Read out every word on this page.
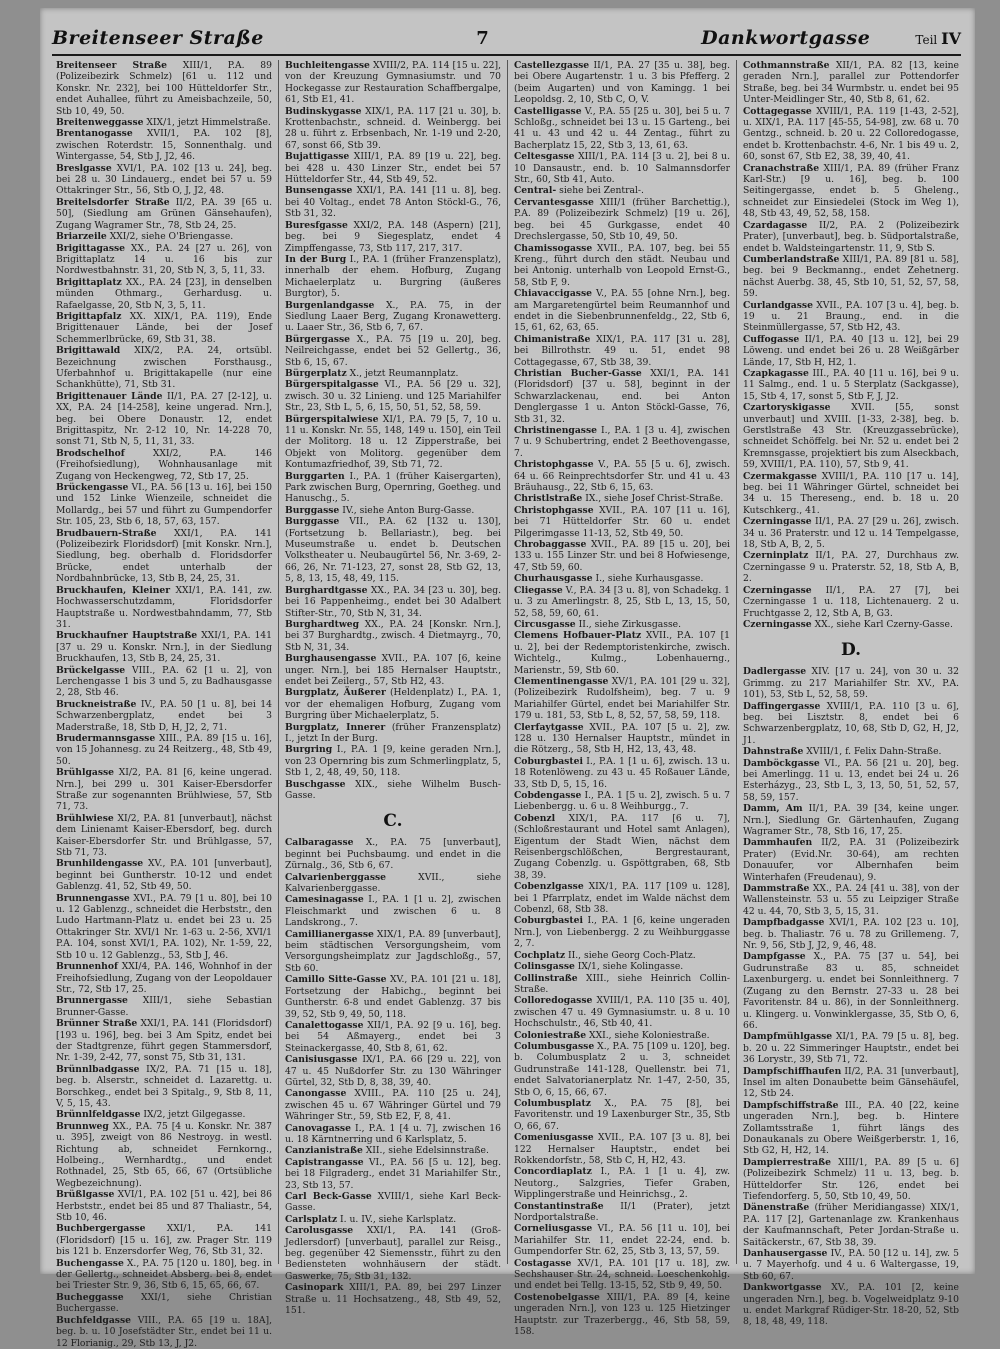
Breitenseer Straße	7	Dankwortgasse	Teil IV

Breitenseer Straße XIII/1, P.A. 89 (Polizeibezirk Schmelz) [61 u. 112 und Konskr. Nr. 232], bei 100 Hütteldorfer Str., endet Auhallee, führt zu Ameisbachzeile, 50, Stb 10, 49, 50.

Breitenweggasse XIX/1, jetzt Himmelstraße.

Brentanogasse XVII/1, P.A. 102 [8], zwischen Roterdstr. 15, Sonnenthalg. und Wintergasse, 54, Stb J, J2, 46.

Breslgasse XVI/1, P.A. 102 [13 u. 24], beg. bei 28 u. 30 Lindauerg., endet bei 57 u. 59 Ottakringer Str., 56, Stb O, J, J2, 48.

Breitelsdorfer Straße II/2, P.A. 39 [65 u. 50], (Siedlung am Grünen Gänsehaufen), Zugang Wagramer Str., 78, Stb 24, 25.

Briarzeile XXI/2, siehe O'Briengasse.

Brigittagasse XX., P.A. 24 [27 u. 26], von Brigittaplatz 14 u. 16 bis zur Nordwestbahnstr. 31, 20, Stb N, 3, 5, 11, 33.

Brigittaplatz XX., P.A. 24 [23], in denselben münden Othmarg., Gerhardusg. u. Rafaelgasse, 20, Stb N, 3, 5, 11.

Brigittapfalz XX. XIX/1, P.A. 119), Ende Brigittenauer Lände, bei der Josef Schemmerlbrücke, 69, Stb 31, 38.

Brigittawald XIX/2, P.A. 24, ortsübl. Bezeichnung zwischen Forsthausg., Uferbahnhof u. Brigittakapelle (nur eine Schankhütte), 71, Stb 31.

Brigittenauer Lände II/1, P.A. 27 [2-12], u. XX, P.A. 24 [14-258], keine ungerad. Nrn.], beg. bei Obere Donaustr. 12, endet Brigittaspitz, Nr. 2-12 10, Nr. 14-228 70, sonst 71, Stb N, 5, 11, 31, 33.

Brodschelhof	XXI/2, P.A. 146 (Freihofsiedlung), Wohnhausanlage mit Zugang von Heckengweg, 72, Stb 17, 25.

Brückengasse VI., P.A. 56 [13 u. 16], bei 150 und 152 Linke Wienzeile, schneidet die Mollardg., bei 57 und führt zu Gumpendorfer Str. 105, 23, Stb 6, 18, 57, 63, 157.

Brudbauern-Straße XXI/1, P.A. 141 (Polizeibezirk Floridsdorf) [mit Konskr. Nrn.], Siedlung, beg. oberhalb d. Floridsdorfer Brücke, endet unterhalb der Nordbahnbrücke, 13, Stb B, 24, 25, 31.

Bruckhaufen, Kleiner XXI/1, P.A. 141, zw. Hochwasserschutzdamm, Floridsdorfer Hauptstraße u. Nordwestbahndamm, 77, Stb 31.

Bruckhaufner Hauptstraße XXI/1, P.A. 141 [37 u. 29 u. Konskr. Nrn.], in der Siedlung Bruckhaufen, 13, Stb B, 24, 25, 31.

Brückelgasse VIII., P.A. 62 [1 u. 2], von Lerchengasse 1 bis 3 und 5, zu Badhausgasse 2, 28, Stb 46.

Bruckneistraße IV., P.A. 50 [1 u. 8], bei 14 Schwarzenbergplatz, endet bei 3 Maderstraße, 18, Stb D, H, J2, 2, 71.

Brudermannsgasse XIII., P.A. 89 [15 u. 16], von 15 Johannesg. zu 24 Reitzerg., 48, Stb 49, 50.

Brühlgasse XI/2, P.A. 81 [6, keine ungerad. Nrn.], bei 299 u. 301 Kaiser-Ebersdorfer Straße zur sogenannten Brühlwiese, 57, Stb 71, 73.

Brühlwiese XI/2, P.A. 81 [unverbaut], nächst dem Linienamt Kaiser-Ebersdorf, beg. durch Kaiser-Ebersdorfer Str. und Brühlgasse, 57, Stb 71, 73.

Brunhildengasse XV., P.A. 101 [unverbaut], beginnt bei Guntherstr. 10-12 und endet Gablenzg. 41, 52, Stb 49, 50.

Brunnengasse XVI., P.A. 79 [1 u. 80], bei 10 u. 12 Gablenzg., schneidet die Herbststr., den Ludo Hartmann-Platz u. endet bei 23 u. 25 Ottakringer Str. XVI/1 Nr. 1-63 u. 2-56, XVI/1 P.A. 104, sonst XVI/1, P.A. 102), Nr. 1-59, 22, Stb 10 u. 12 Gablenzg., 53, Stb J, 46.

Brunnenhof XXI/4, P.A. 146, Wohnhof in der Freihofsiedlung, Zugang von der Leopoldauer Str., 72, Stb 17, 25.

Brunnergasse XIII/1, siehe Sebastian Brunner-Gasse.

Brünner Straße XXI/1, P.A. 141 (Floridsdorf) [193 u. 196], beg. bei 3 Am Spitz, endet bei der Stadtgrenze, führt gegen Stammersdorf, Nr. 1-39, 2-42, 77, sonst 75, Stb 31, 131.

Brünnlbadgasse IX/2, P.A. 71 [15 u. 18], beg. b. Alserstr., schneidet d. Lazarettg. u. Borschkeg., endet bei 3 Spitalg., 9, Stb 8, 11, V, 5, 15, 43.

Brünnlfeldgasse IX/2, jetzt Gilgegasse.

Brunnweg XX., P.A. 75 [4 u. Konskr. Nr. 387 u. 395], zweigt von 86 Nestroyg. in westl. Richtung ab, schneidet Fernkorng., Holbeing., Wernhardtg., und endet Rothnadel, 25, Stb 65, 66, 67 (Ortsübliche Wegbezeichnung).

Brüßlgasse XVI/1, P.A. 102 [51 u. 42], bei 86 Herbststr., endet bei 85 und 87 Thaliastr., 54, Stb 10, 46.

Buchbergergasse XXI/1, P.A. 141 (Floridsdorf) [15 u. 16], zw. Prager Str. 119 bis 121 b. Enzersdorfer Weg, 76, Stb 31, 32.

Buchengasse X., P.A. 75 [120 u. 180], beg. in der Gellertg., schneidet Absberg. bei 8, endet bei Triester Str. 9, 36, Stb 6, 15, 65, 66, 67.

Bucheggasse XXI/1, siehe Christian Buchergasse.

Buchfeldgasse VIII., P.A. 65 [19 u. 18A], beg. b. u. 10 Josefstädter Str., endet bei 11 u. 12 Florianig., 29, Stb 13, J, J2.

Buchleitengasse XVIII/2, P.A. 114 [15 u. 22], von der Kreuzung Gymnasiumstr. und 70 Hockegasse zur Restauration Schaffbergalpe, 61, Stb E1, 41.

Budinskygasse XIX/1, P.A. 117 [21 u. 30], b. Krottenbachstr., schneid. d. Weinbergg. bei 28 u. führt z. Erbsenbach, Nr. 1-19 und 2-20, 67, sonst 66, Stb 39.

Bujattigasse XIII/1, P.A. 89 [19 u. 22], beg. bei 428 u. 430 Linzer Str., endet bei 57 Hütteldorfer Str., 44, Stb 49, 52.

Bunsengasse XXI/1, P.A. 141 [11 u. 8], beg. bei 40 Voltag., endet 78 Anton Stöckl-G., 76, Stb 31, 32.

Buresfgasse XXI/2, P.A. 148 (Aspern) [21], beg. bei 9 Siegesplatz, endet 4 Zimpffengasse, 73, Stb 117, 217, 317.

In der Burg I., P.A. 1 (früher Franzensplatz), innerhalb der ehem. Hofburg, Zugang Michaelerplatz u. Burgring (äußeres Burgtor), 5.

Burgenlandgasse X., P.A. 75, in der Siedlung Laaer Berg, Zugang Kronawetterg. u. Laaer Str., 36, Stb 6, 7, 67.

Bürgergasse X., P.A. 75 [19 u. 20], beg. Neilreichgasse, endet bei 52 Gellertg., 36, Stb 6, 15, 67.

Bürgerplatz X., jetzt Reumannplatz.

Bürgerspitalgasse VI., P.A. 56 [29 u. 32], zwisch. 30 u. 32 Linieng. und 125 Mariahilfer Str., 23, Stb L, 5, 6, 15, 50, 51, 52, 58, 59.

Bürgerspitalwiese XI/1, P.A. 79 [5, 7, 10 u. 11 u. Konskr. Nr. 55, 148, 149 u. 150], ein Teil der Molitorg. 18 u. 12 Zipperstraße, bei Objekt von Molitorg. gegenüber dem Kontumazfriedhof, 39, Stb 71, 72.

Burggarten I., P.A. 1 (früher Kaisergarten), Park zwischen Burg, Opernring, Goetheg. und Hanuschg., 5.

Burggasse IV., siehe Anton Burg-Gasse.

Burggasse VII., P.A. 62 [132 u. 130], (Fortsetzung b. Bellariastr.), beg. bei Museumstraße u. endet b. Deutschen Volkstheater u. Neubaugürtel 56, Nr. 3-69, 2-66, 26, Nr. 71-123, 27, sonst 28, Stb G2, 13, 5, 8, 13, 15, 48, 49, 115.

Burghardtgasse XX., P.A. 34 [23 u. 30], beg. bei 16 Pappenheimg., endet bei 30 Adalbert Stifter-Str., 70, Stb N, 31, 34.

Burghardtweg XX., P.A. 24 [Konskr. Nrn.], bei 37 Burghardtg., zwisch. 4 Dietmayrg., 70, Stb N, 31, 34.

Burghausengasse XVII., P.A. 107 [6, keine unger. Nrn.], bei 185 Hernalser Hauptstr., endet bei Zeilerg., 57, Stb H2, 43.

Burgplatz, Äußerer (Heldenplatz) I., P.A. 1, vor der ehemaligen Hofburg, Zugang vom Burgring über Michaelerplatz, 5.

Burgplatz, Innerer (früher Franzensplatz) I., jetzt In der Burg.

Burgring I., P.A. 1 [9, keine geraden Nrn.], von 23 Opernring bis zum Schmerlingplatz, 5, Stb 1, 2, 48, 49, 50, 118.

Buschgasse XIX., siehe Wilhelm Busch-Gasse.

C.

Calbaragasse X., P.A. 75 [unverbaut], beginnt bei Puchsbaumg. und endet in die Zürnalg., 36, Stb 6, 67.

Calvarienberggasse	XVII., siehe Kalvarienberggasse.

Camesinagasse I., P.A. 1 [1 u. 2], zwischen Fleischmarkt und zwischen 6 u. 8 Landskrong., 7.

Camillianergasse XIX/1, P.A. 89 [unverbaut], beim städtischen Versorgungsheim, vom Versorgungsheimplatz zur Jagdschloßg., 57, Stb 60.

Camillo Sitte-Gasse XV., P.A. 101 [21 u. 18], Fortsetzung der Habichg., beginnt bei Guntherstr. 6-8 und endet Gablenzg. 37 bis 39, 52, Stb 9, 49, 50, 118.

Canalettogasse XII/1, P.A. 92 [9 u. 16], beg. bei 54 Aßmayerg., endet bei 3 Steinackergasse, 40, Stb 8, 61, 62.

Canisiusgasse IX/1, P.A. 66 [29 u. 22], von 47 u. 45 Nußdorfer Str. zu 130 Währinger Gürtel, 32, Stb D, 8, 38, 39, 40.

Canongasse XVIII., P.A. 110 [25 u. 24], zwischen 45 u. 67 Währinger Gürtel und 79 Währinger Str., 59, Stb E2, F, 8, 41.

Canovagasse I., P.A. 1 [4 u. 7], zwischen 16 u. 18 Kärntnerring und 6 Karlsplatz, 5.

Canzianistraße XII., siehe Edelsinnstraße.

Capistrangasse VI., P.A. 56 [5 u. 12], beg. bei 18 Filgraderg., endet 31 Mariahilfer Str., 23, Stb 13, 57.

Carl Beck-Gasse XVIII/1, siehe Karl Beck-Gasse.

Carlsplatz I. u. IV., siehe Karlsplatz.

Carolusgasse XXI/1, P.A. 141 (Groß-Jedlersdorf) [unverbaut], parallel zur Reisg., beg. gegenüber 42 Siemensstr., führt zu den Bediensteten wohnhäusern der städt. Gaswerke, 75, Stb 31, 132.

Casinopark XIII/1, P.A. 89, bei 297 Linzer Straße u. 11 Hochsatzeng., 48, Stb 49, 52, 151.

Castellezgasse II/1, P.A. 27 [35 u. 38], beg. bei Obere Augartenstr. 1 u. 3 bis Pfefferg. 2 (beim Augarten) und von Kamingg. 1 bei Leopoldsg. 2, 10, Stb C, O, V.

Castelligasse V., P.A. 55 [25 u. 30], bei 5 u. 7 Schloßg., schneidet bei 13 u. 15 Garteng., bei 41 u. 43 und 42 u. 44 Zentag., führt zu Bacherplatz 15, 22, Stb 3, 13, 61, 63.

Celtesgasse XIII/1, P.A. 114 [3 u. 2], bei 8 u. 10 Dansaustr., end. b. 10 Salmannsdorfer Str., 60, Stb 41, Auto.

Central- siehe bei Zentral-.

Cervantesgasse XIII/1 (früher Barchettig.), P.A. 89 (Polizeibezirk Schmelz) [19 u. 26], beg. bei 45 Gurkgasse, endet 40 Drechslergasse, 50, Stb 10, 49, 50.

Chamissogasse XVII., P.A. 107, beg. bei 55 Kreng., führt durch den städt. Neubau und bei Antonig. unterhalb von Leopold Ernst-G., 58, Stb F, 9.

Chiavaccigasse V., P.A. 55 [ohne Nrn.], beg. am Margaretengürtel beim Reumannhof und endet in die Siebenbrunnenfeldg., 22, Stb 6, 15, 61, 62, 63, 65.

Chimanistraße XIX/1, P.A. 117 [31 u. 28], bei Billrothstr. 49 u. 51, endet 98 Cottagegasse, 67, Stb 38, 39.

Christian Bucher-Gasse XXI/1, P.A. 141 (Floridsdorf) [37 u. 58], beginnt in der Schwarzlackenau, end. bei Anton Denglergasse 1 u. Anton Stöckl-Gasse, 76, Stb 31, 32.

Christinengasse I., P.A. 1 [3 u. 4], zwischen 7 u. 9 Schubertring, endet 2 Beethovengasse, 7.

Christophgasse V., P.A. 55 [5 u. 6], zwisch. 64 u. 66 Reinprechtsdorfer Str. und 41 u. 43 Bräuhausg., 22, Stb 6, 15, 63.

Christlstraße IX., siehe Josef Christ-Straße.

Christophgasse XVII., P.A. 107 [11 u. 16], bei 71 Hütteldorfer Str. 60 u. endet Pilgerimgasse 11-13, 52, Stb 49, 50.

Chrobaggasse XVII., P.A. 89 [15 u. 20], bei 133 u. 155 Linzer Str. und bei 8 Hofwiesenge, 47, Stb 59, 60.

Churhausgasse I., siehe Kurhausgasse.

Cliegasse V., P.A. 34 [3 u. 8], von Schadekg. 1 u. 3 zu Amerlingstr. 8, 25, Stb L, 13, 15, 50, 52, 58, 59, 60, 61.

Circusgasse II., siehe Zirkusgasse.

Clemens Hofbauer-Platz XVII., P.A. 107 [1 u. 2], bei der Redemptoristenkirche, zwisch. Wichtelg., Kulmg., Lobenhauerng., Marienstr., 59, Stb 60.

Clementinengasse XV/1, P.A. 101 [29 u. 32], (Polizeibezirk Rudolfsheim), beg. 7 u. 9 Mariahilfer Gürtel, endet bei Mariahilfer Str. 179 u. 181, 53, Stb L, 8, 52, 57, 58, 59, 118.

Clerfaytgasse XVII., P.A. 107 [5 u. 2], zw. 128 u. 130 Hernalser Hauptstr., mündet in die Rötzerg., 58, Stb H, H2, 13, 43, 48.

Coburgbastei I., P.A. 1 [1 u. 6], zwisch. 13 u. 18 Rotenlöweng. zu 43 u. 45 Roßauer Lände, 33, Stb D, 5, 15, 16.

Cobdengasse I., P.A. 1 [5 u. 2], zwisch. 5 u. 7 Liebenbergg. u. 6 u. 8 Weihburgg., 7.

Cobenzl XIX/1, P.A. 117 [6 u. 7], (Schloßrestaurant und Hotel samt Anlagen), Eigentum der Stadt Wien, nächst dem Reisenbergschlößchen, Bergrestaurant, Zugang Cobenzlg. u. Gspöttgraben, 68, Stb 38, 39.

Cobenzlgasse XIX/1, P.A. 117 [109 u. 128], bei 1 Pfarrplatz, endet im Walde nächst dem Cobenzl, 68, Stb 38.

Coburgbastei I., P.A. 1 [6, keine ungeraden Nrn.], von Liebenbergg. 2 zu Weihburggasse 2, 7.

Cochplatz II., siehe Georg Coch-Platz.

Colinsgasse IX/1, siehe Kolingasse.

Collinstraße XIII., siehe Heinrich Collin-Straße.

Colloredogasse XVIII/1, P.A. 110 [35 u. 40], zwischen 47 u. 49 Gymnasiumstr. u. 8 u. 10 Hochschulstr., 46, Stb 40, 41.

Coloniestraße XXI., siehe Koloniestraße.

Columbusgasse X., P.A. 75 [109 u. 120], beg. b. Columbusplatz 2 u. 3, schneidet Gudrunstraße 141-128, Quellenstr. bei 71, endet Salvatorianerplatz Nr. 1-47, 2-50, 35, Stb O, 6, 15, 66, 67.

Columbusplatz X., P.A. 75 [8], bei Favoritenstr. und 19 Laxenburger Str., 35, Stb O, 66, 67.

Comeniusgasse XVII., P.A. 107 [3 u. 8], bei 122 Hernalser Hauptstr., endet bei Rokkendorfstr., 58, Stb C, H, H2, 43.

Concordiaplatz I., P.A. 1 [1 u. 4], zw. Neutorg., Salzgries, Tiefer Graben, Wipplingerstraße und Heinrichsg., 2.

Constantinstraße II/1 (Prater), jetzt Nordportalstraße.

Corneliusgasse VI., P.A. 56 [11 u. 10], bei Mariahilfer Str. 11, endet 22-24, end. b. Gumpendorfer Str. 62, 25, Stb 3, 13, 57, 59.

Costagasse XV/1, P.A. 101 [17 u. 18], zw. Sechshauser Str. 24, schneid. Loeschenkohlg. und endet bei Tellg. 13-15, 52, Stb 9, 49, 50.

Costenobelgasse XIII/1, P.A. 89 [4, keine ungeraden Nrn.], von 123 u. 125 Hietzinger Hauptstr. zur Trazerbergg., 46, Stb 58, 59, 158.

Cothmannstraße XII/1, P.A. 82 [13, keine geraden Nrn.], parallel zur Pottendorfer Straße, beg. bei 34 Wurmbstr. u. endet bei 95 Unter-Meidlinger Str., 40, Stb 8, 61, 62.

Cottagegasse XVIII/1, P.A. 119 [1-43, 2-52], u. XIX/1, P.A. 117 [45-55, 54-98], zw. 68 u. 70 Gentzg., schneid. b. 20 u. 22 Colloredogasse, endet b. Krottenbachstr. 4-6, Nr. 1 bis 49 u. 2, 60, sonst 67, Stb E2, 38, 39, 40, 41.

Cranachstraße XIII/1, P.A. 89 (früher Franz Karl-Str.) [9 u. 16], beg. b. 100 Seitingergasse, endet b. 5 Gheleng., schneidet zur Einsiedelei (Stock im Weg 1), 48, Stb 43, 49, 52, 58, 158.

Czardagasse II/2, P.A. 2 (Polizeibezirk Prater), [unverbaut], beg. b. Südportalstraße, endet b. Waldsteingartenstr. 11, 9, Stb S.

Cumberlandstraße XIII/1, P.A. 89 [81 u. 58], beg. bei 9 Beckmanng., endet Zehetnerg. nächst Auerbg. 38, 45, Stb 10, 51, 52, 57, 58, 59.

Curlandgasse XVII., P.A. 107 [3 u. 4], beg. b. 19 u. 21 Braung., end. in die Steinmüllergasse, 57, Stb H2, 43.

Cuffogasse II/1, P.A. 40 [13 u. 12], bei 29 Löweng. und endet bei 26 u. 28 Weißgärber Lände, 17, Stb H, H2, 1.

Czapkagasse III., P.A. 40 [11 u. 16], bei 9 u. 11 Salmg., end. 1 u. 5 Sterplatz (Sackgasse), 15, Stb 4, 17, sonst 5, Stb F, J, J2.

Czartoryskigasse XVII. [55, sonst unverbaut] und XVIII. [1-33, 2-38], beg. b. Gerstlstraße 43 Str. (Kreuzgassebrücke), schneidet Schöffelg. bei Nr. 52 u. endet bei 2 Kremnsgasse, projektiert bis zum Alseckbach, 59, XVIII/1, P.A. 110), 57, Stb 9, 41.

Czermakgasse XVIII/1, P.A. 110 [17 u. 14], beg. bei 11 Währinger Gürtel, schneidet bei 34 u. 15 Thereseng., end. b. 18 u. 20 Kutschkerg., 41.

Czerningasse II/1, P.A. 27 [29 u. 26], zwisch. 34 u. 36 Praterstr. und 12 u. 14 Tempelgasse, 18, Stb A, B, 2, 5.

Czerninplatz II/1, P.A. 27, Durchhaus zw. Czerningasse 9 u. Praterstr. 52, 18, Stb A, B, 2.

Czerningasse II/1, P.A. 27 [7], bei Czerningasse 1 u. 118, Lichtenauerg. 2 u. Fruchtgasse 2, 12, Stb A, B, G3.

Czerningasse XX., siehe Karl Czerny-Gasse.

D.

Dadlergasse XIV. [17 u. 24], von 30 u. 32 Grimmg. zu 217 Mariahilfer Str. XV., P.A. 101), 53, Stb L, 52, 58, 59.

Daffingergasse XVIII/1, P.A. 110 [3 u. 6], beg. bei Lisztstr. 8, endet bei 6 Schwarzenbergplatz, 10, 68, Stb D, G2, H, J2, J1.

Dahnstraße XVIII/1, f. Felix Dahn-Straße.

Damböckgasse VI., P.A. 56 [21 u. 20], beg. bei Amerlingg. 11 u. 13, endet bei 24 u. 26 Esterházyg., 23, Stb L, 3, 13, 50, 51, 52, 57, 58, 59, 157.

Damm, Am II/1, P.A. 39 [34, keine unger. Nrn.], Siedlung Gr. Gärtenhaufen, Zugang Wagramer Str., 78, Stb 16, 17, 25.

Dammhaufen II/2, P.A. 31 (Polizeibezirk Prater) (Evid.Nr. 30-64), am rechten Donauufer, vor Albernhafen beim Winterhafen (Freudenau), 9.

Dammstraße XX., P.A. 24 [41 u. 38], von der Wallensteinstr. 53 u. 55 zu Leipziger Straße 42 u. 44, 70, Stb 3, 5, 15, 31.

Dampfbadgasse XVI/1, P.A. 102 [23 u. 10], beg. b. Thaliastr. 76 u. 78 zu Grillemeng. 7, Nr. 9, 56, Stb J, J2, 9, 46, 48.

Dampfgasse X., P.A. 75 [37 u. 54], bei Gudrunstraße 83 u. 85, schneidet Laxenburgerg. u. endet bei Sonnleithnerg. 7 (Zugang zu den Bernstr. 27-33 u. 28 bei Favoritenstr. 84 u. 86), in der Sonnleithnerg. u. Klingerg. u. Vonwinklergasse, 35, Stb O, 6, 66.

Dampfmühlgasse XI/1, P.A. 79 [5 u. 8], beg. b. 20 u. 22 Simmeringer Hauptstr., endet bei 36 Lorystr., 39, Stb 71, 72.

Dampfschiffhaufen II/2, P.A. 31 [unverbaut], Insel im alten Donaubette beim Gänsehäufel, 12, Stb 24.

Dampfschiffstraße III., P.A. 40 [22, keine ungeraden Nrn.], beg. b. Hintere Zollamtsstraße 1, führt längs des Donaukanals zu Obere Weißgerberstr. 1, 16, Stb G2, H, H2, 14.

Dampierrestraße XIII/1, P.A. 89 [5 u. 6] (Polizeibezirk Schmelz) 11 u. 13, beg. b. Hütteldorfer Str. 126, endet bei Tiefendorferg. 5, 50, Stb 10, 49, 50.

Dänenstraße (früher Meridiangasse) XIX/1, P.A. 117 [2], Gartenanlage zw. Krankenhaus der Kaufmannschaft, Peter Jordan-Straße u. Saitäckerstr., 67, Stb 38, 39.

Danhausergasse IV., P.A. 50 [12 u. 14], zw. 5 u. 7 Mayerhofg. und 4 u. 6 Waltergasse, 19, Stb 60, 67.

Dankwortgasse XV., P.A. 101 [2, keine ungeraden Nrn.], beg. b. Vogelweidplatz 9-10 u. endet Markgraf Rüdiger-Str. 18-20, 52, Stb 8, 18, 48, 49, 118.
